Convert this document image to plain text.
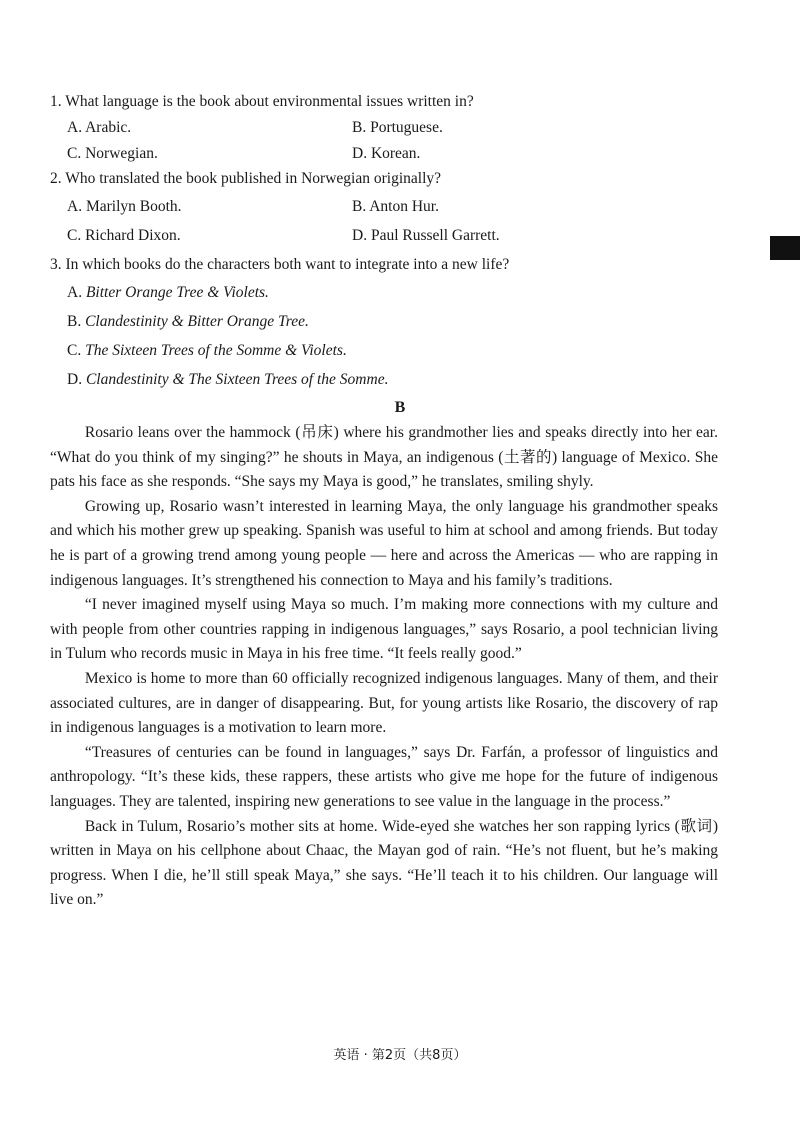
1. What language is the book about environmental issues written in?
A. Arabic.	B. Portuguese.
C. Norwegian.	D. Korean.
2. Who translated the book published in Norwegian originally?
A. Marilyn Booth.	B. Anton Hur.
C. Richard Dixon.	D. Paul Russell Garrett.
3. In which books do the characters both want to integrate into a new life?
A. Bitter Orange Tree & Violets.
B. Clandestinity & Bitter Orange Tree.
C. The Sixteen Trees of the Somme & Violets.
D. Clandestinity & The Sixteen Trees of the Somme.
B

Rosario leans over the hammock (吊床) where his grandmother lies and speaks directly into her ear. “What do you think of my singing?” he shouts in Maya, an indigenous (土著的) language of Mexico. She pats his face as she responds. “She says my Maya is good,” he translates, smiling shyly.

Growing up, Rosario wasn’t interested in learning Maya, the only language his grandmother speaks and which his mother grew up speaking. Spanish was useful to him at school and among friends. But today he is part of a growing trend among young people — here and across the Americas — who are rapping in indigenous languages. It’s strengthened his connection to Maya and his family’s traditions.

“I never imagined myself using Maya so much. I’m making more connections with my culture and with people from other countries rapping in indigenous languages,” says Rosario, a pool technician living in Tulum who records music in Maya in his free time. “It feels really good.”

Mexico is home to more than 60 officially recognized indigenous languages. Many of them, and their associated cultures, are in danger of disappearing. But, for young artists like Rosario, the discovery of rap in indigenous languages is a motivation to learn more.

“Treasures of centuries can be found in languages,” says Dr. Farfán, a professor of linguistics and anthropology. “It’s these kids, these rappers, these artists who give me hope for the future of indigenous languages. They are talented, inspiring new generations to see value in the language in the process.”

Back in Tulum, Rosario’s mother sits at home. Wide-eyed she watches her son rapping lyrics (歌词) written in Maya on his cellphone about Chaac, the Mayan god of rain. “He’s not fluent, but he’s making progress. When I die, he’ll still speak Maya,” she says. “He’ll teach it to his children. Our language will live on.”

英语 · 第2页（共8页）
